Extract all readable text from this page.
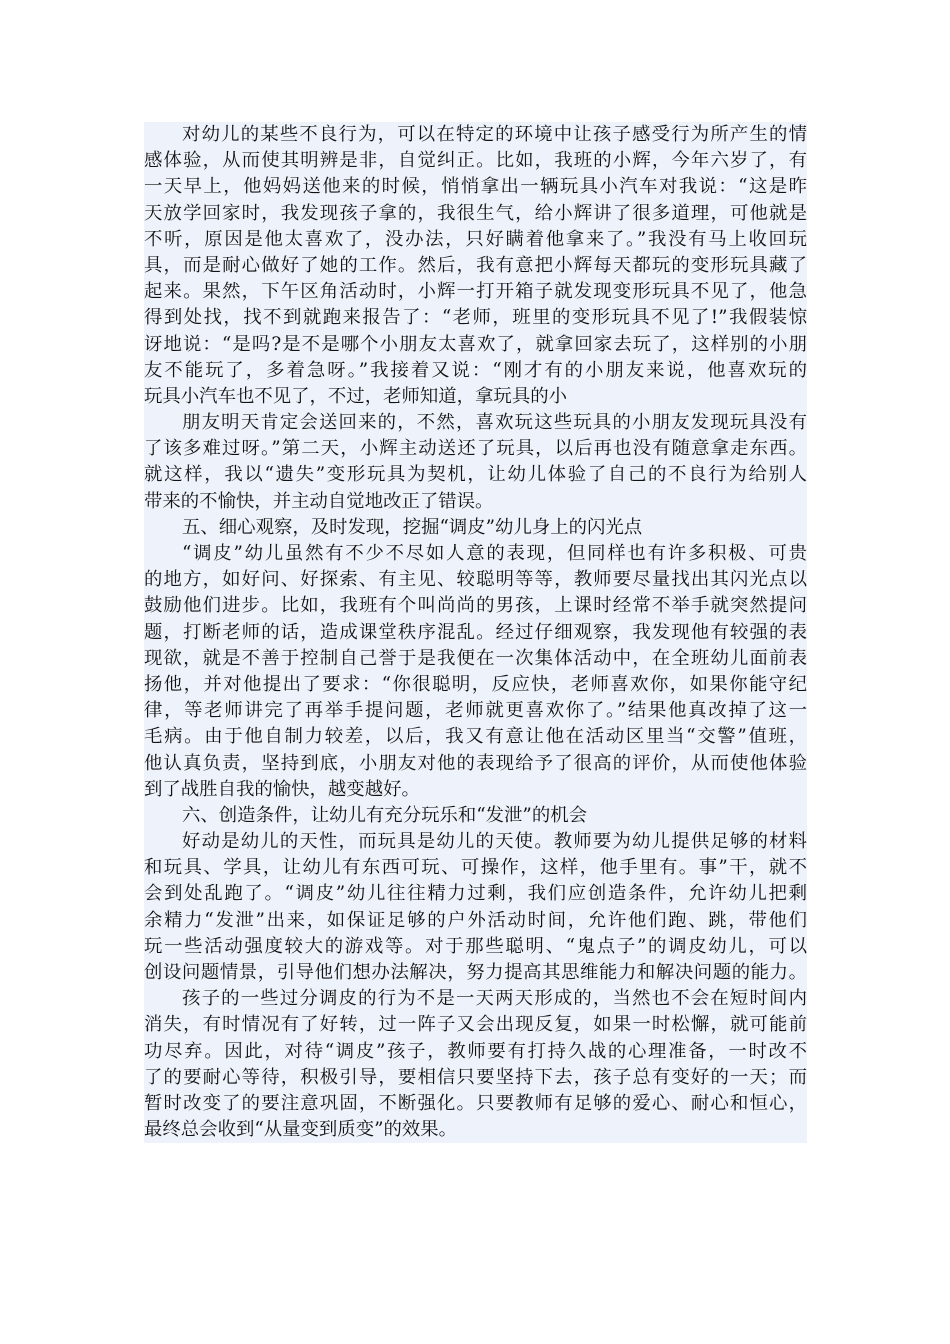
对幼儿的某些不良行为，可以在特定的环境中让孩子感受行为所产生的情
感体验，从而使其明辨是非，自觉纠正。比如，我班的小辉，今年六岁了，有
一天早上，他妈妈送他来的时候，悄悄拿出一辆玩具小汽车对我说：“这是昨
天放学回家时，我发现孩子拿的，我很生气，给小辉讲了很多道理，可他就是
不听，原因是他太喜欢了，没办法，只好瞒着他拿来了。”我没有马上收回玩
具，而是耐心做好了她的工作。然后，我有意把小辉每天都玩的变形玩具藏了
起来。果然，下午区角活动时，小辉一打开箱子就发现变形玩具不见了，他急
得到处找，找不到就跑来报告了：“老师，班里的变形玩具不见了!”我假装惊
讶地说：“是吗?是不是哪个小朋友太喜欢了，就拿回家去玩了，这样别的小朋
友不能玩了，多着急呀。”我接着又说：“刚才有的小朋友来说，他喜欢玩的
玩具小汽车也不见了，不过，老师知道，拿玩具的小
朋友明天肯定会送回来的，不然，喜欢玩这些玩具的小朋友发现玩具没有
了该多难过呀。”第二天，小辉主动送还了玩具，以后再也没有随意拿走东西。
就这样，我以“遗失”变形玩具为契机，让幼儿体验了自己的不良行为给别人
带来的不愉快，并主动自觉地改正了错误。
五、细心观察，及时发现，挖掘“调皮”幼儿身上的闪光点
“调皮”幼儿虽然有不少不尽如人意的表现，但同样也有许多积极、可贵
的地方，如好问、好探索、有主见、较聪明等等，教师要尽量找出其闪光点以
鼓励他们进步。比如，我班有个叫尚尚的男孩，上课时经常不举手就突然提问
题，打断老师的话，造成课堂秩序混乱。经过仔细观察，我发现他有较强的表
现欲，就是不善于控制自己誉于是我便在一次集体活动中，在全班幼儿面前表
扬他，并对他提出了要求：“你很聪明，反应快，老师喜欢你，如果你能守纪
律，等老师讲完了再举手提问题，老师就更喜欢你了。”结果他真改掉了这一
毛病。由于他自制力较差，以后，我又有意让他在活动区里当“交警”值班，
他认真负责，坚持到底，小朋友对他的表现给予了很高的评价，从而使他体验
到了战胜自我的愉快，越变越好。
六、创造条件，让幼儿有充分玩乐和“发泄”的机会
好动是幼儿的天性，而玩具是幼儿的天使。教师要为幼儿提供足够的材料
和玩具、学具，让幼儿有东西可玩、可操作，这样，他手里有。事”干，就不
会到处乱跑了。“调皮”幼儿往往精力过剩，我们应创造条件，允许幼儿把剩
余精力“发泄”出来，如保证足够的户外活动时间，允许他们跑、跳，带他们
玩一些活动强度较大的游戏等。对于那些聪明、“鬼点子”的调皮幼儿，可以
创设问题情景，引导他们想办法解决，努力提高其思维能力和解决问题的能力。
孩子的一些过分调皮的行为不是一天两天形成的，当然也不会在短时间内
消失，有时情况有了好转，过一阵子又会出现反复，如果一时松懈，就可能前
功尽弃。因此，对待“调皮”孩子，教师要有打持久战的心理准备，一时改不
了的要耐心等待，积极引导，要相信只要坚持下去，孩子总有变好的一天；而
暂时改变了的要注意巩固，不断强化。只要教师有足够的爱心、耐心和恒心，
最终总会收到“从量变到质变”的效果。
